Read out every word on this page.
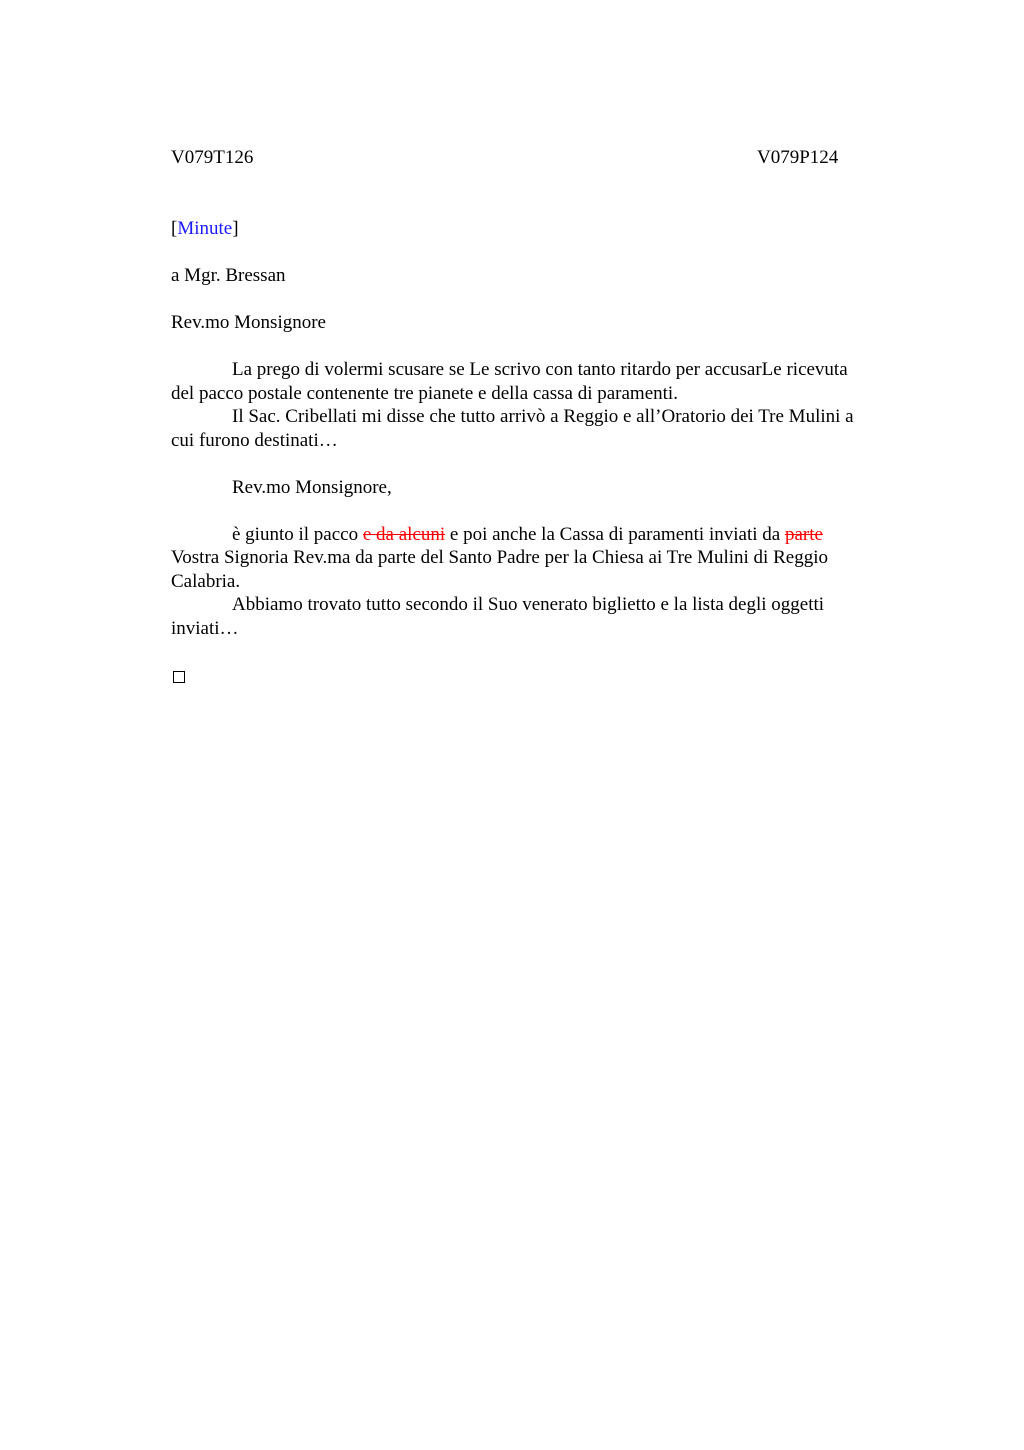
V079T126	V079P124

[Minute]

a Mgr. Bressan

Rev.mo Monsignore

La prego di volermi scusare se Le scrivo con tanto ritardo per accusarLe ricevuta

del pacco postale contenente tre pianete e della cassa di paramenti.

Il Sac. Cribellati mi disse che tutto arrivò a Reggio e all’Oratorio dei Tre Mulini a

cui furono destinati…

Rev.mo Monsignore,

è giunto il pacco e da alcuni e poi anche la Cassa di paramenti inviati da parte

Vostra Signoria Rev.ma da parte del Santo Padre per la Chiesa ai Tre Mulini di Reggio

Calabria.

Abbiamo trovato tutto secondo il Suo venerato biglietto e la lista degli oggetti

inviati…
